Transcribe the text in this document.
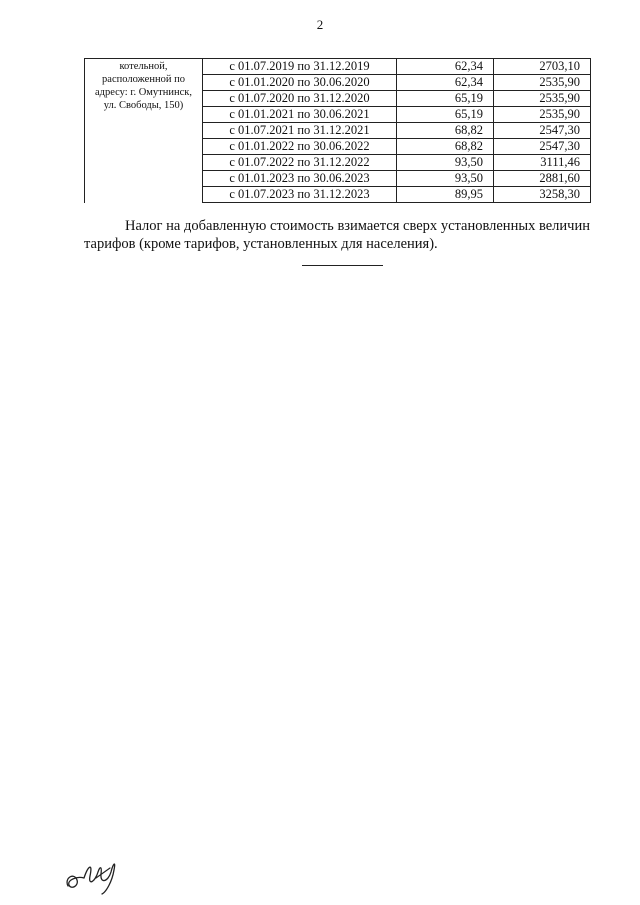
2
котельной, расположенной по адресу: г. Омутнинск, ул. Свободы, 150)	с 01.07.2019 по 31.12.2019	62,34	2703,10
	с 01.01.2020 по 30.06.2020	62,34	2535,90
	с 01.07.2020 по 31.12.2020	65,19	2535,90
	с 01.01.2021 по 30.06.2021	65,19	2535,90
	с 01.07.2021 по 31.12.2021	68,82	2547,30
	с 01.01.2022 по 30.06.2022	68,82	2547,30
	с 01.07.2022 по 31.12.2022	93,50	3111,46
	с 01.01.2023 по 30.06.2023	93,50	2881,60
	с 01.07.2023 по 31.12.2023	89,95	3258,30

Налог на добавленную стоимость взимается сверх установленных величин тарифов (кроме тарифов, установленных для населения).
